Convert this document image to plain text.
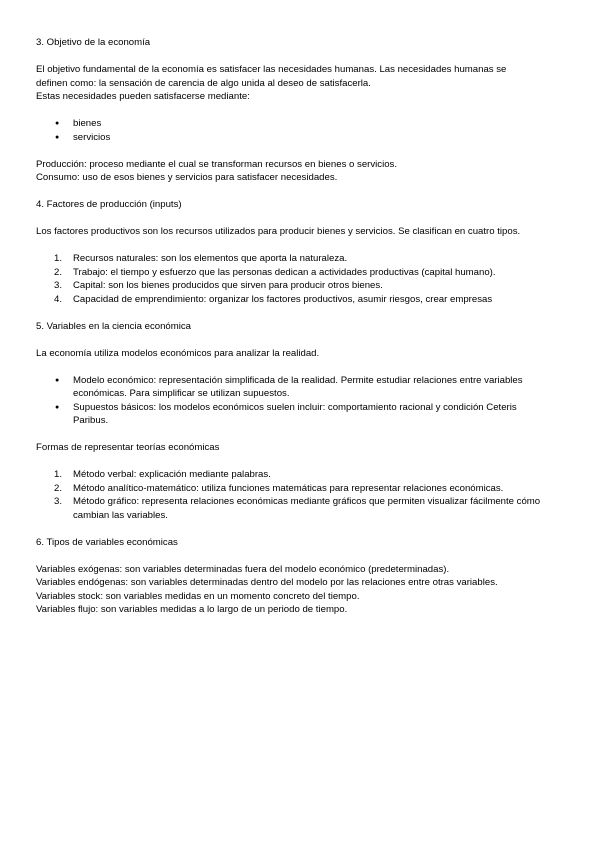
3. Objetivo de la economía

El objetivo fundamental de la economía es satisfacer las necesidades humanas. Las necesidades humanas se
definen como: la sensación de carencia de algo unida al deseo de satisfacerla.
Estas necesidades pueden satisfacerse mediante:

● bienes
● servicios

Producción: proceso mediante el cual se transforman recursos en bienes o servicios.
Consumo: uso de esos bienes y servicios para satisfacer necesidades.

4. Factores de producción (inputs)

Los factores productivos son los recursos utilizados para producir bienes y servicios. Se clasifican en cuatro tipos.

1. Recursos naturales: son los elementos que aporta la naturaleza.
2. Trabajo: el tiempo y esfuerzo que las personas dedican a actividades productivas (capital humano).
3. Capital: son los bienes producidos que sirven para producir otros bienes.
4. Capacidad de emprendimiento: organizar los factores productivos, asumir riesgos, crear empresas

5. Variables en la ciencia económica

La economía utiliza modelos económicos para analizar la realidad.

● Modelo económico: representación simplificada de la realidad. Permite estudiar relaciones entre variables
económicas. Para simplificar se utilizan supuestos.
● Supuestos básicos: los modelos económicos suelen incluir: comportamiento racional y condición Ceteris
Paribus.

Formas de representar teorías económicas

1. Método verbal: explicación mediante palabras.
2. Método analítico-matemático: utiliza funciones matemáticas para representar relaciones económicas.
3. Método gráfico: representa relaciones económicas mediante gráficos que permiten visualizar fácilmente cómo
cambian las variables.

6. Tipos de variables económicas

Variables exógenas: son variables determinadas fuera del modelo económico (predeterminadas).
Variables endógenas: son variables determinadas dentro del modelo por las relaciones entre otras variables.
Variables stock: son variables medidas en un momento concreto del tiempo.
Variables flujo: son variables medidas a lo largo de un periodo de tiempo.
